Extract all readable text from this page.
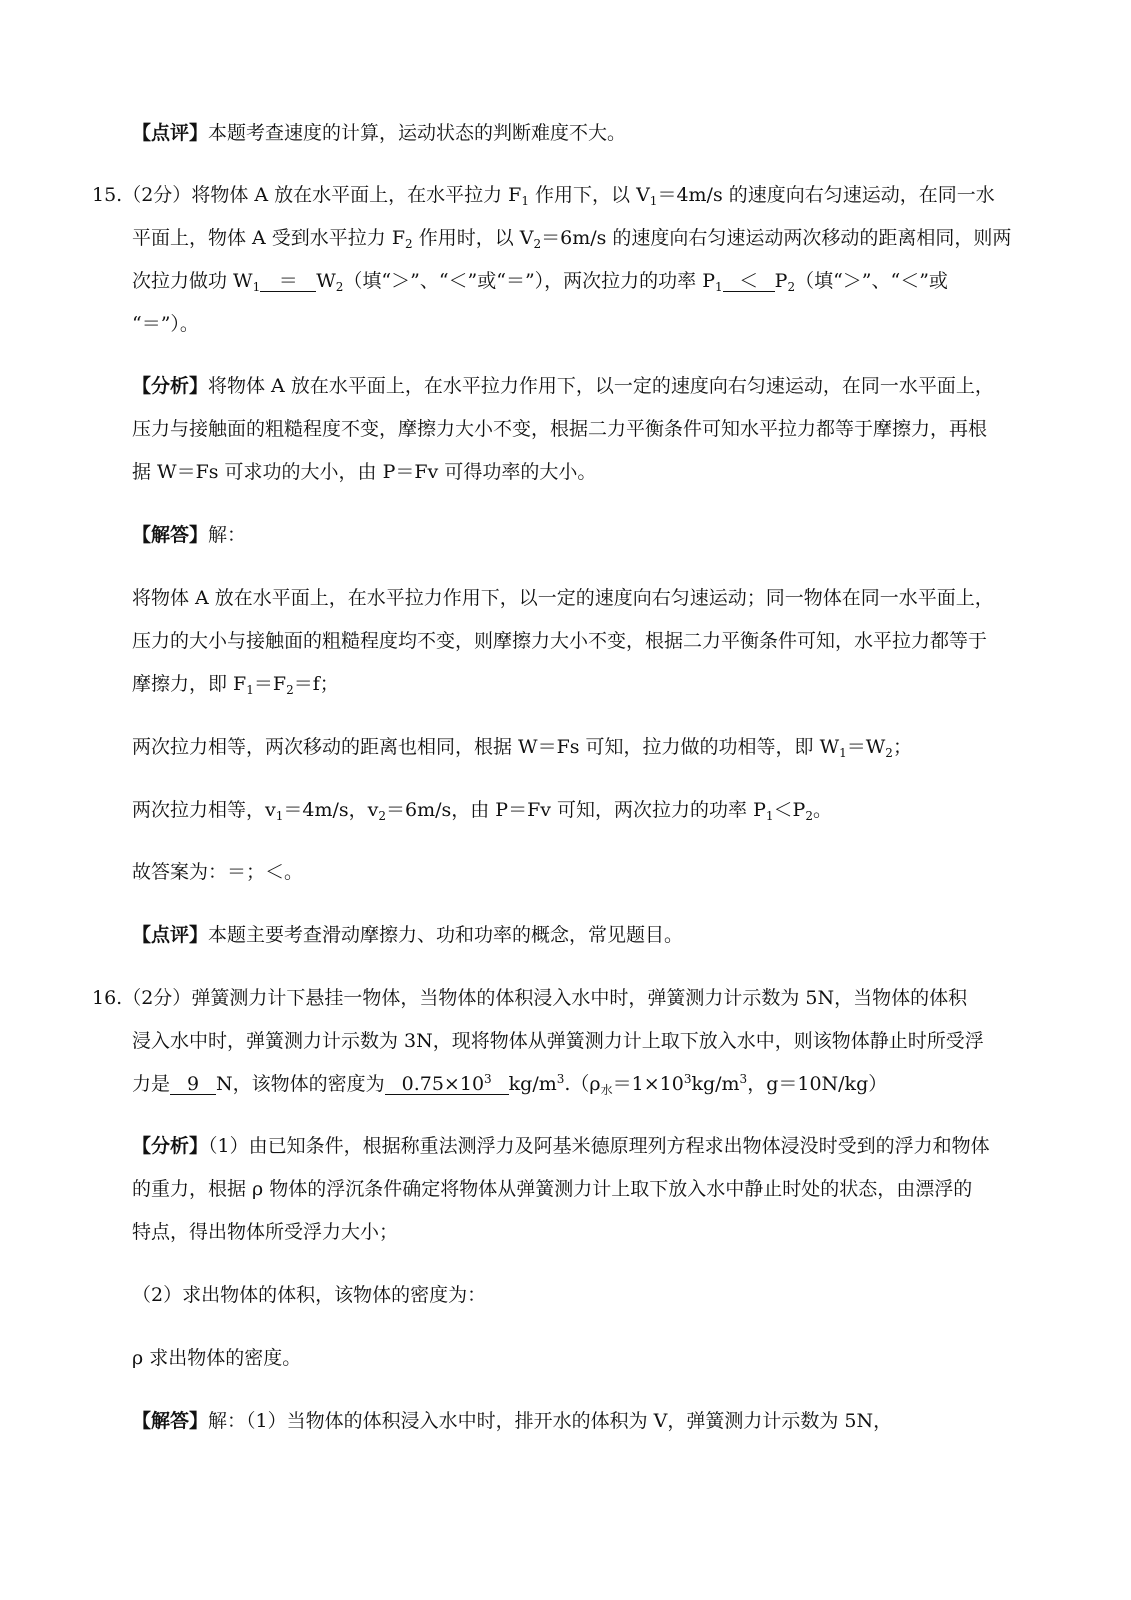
【点评】本题考查速度的计算，运动状态的判断难度不大。
15.（2分）将物体 A 放在水平面上，在水平拉力 $F_1$ 作用下，以 $V_1=4m/s$ 的速度向右匀速运动，在同一水
平面上，物体 A 受到水平拉力 $F_2$ 作用时，以 $V_2=6m/s$ 的速度向右匀速运动两次移动的距离相同，则两
次拉力做功 $W_1 = W_2$（填“＞”、“＜”或“＝”），两次拉力的功率 $P_1 < P_2$（填“＞”、“＜”或
“＝”）。
【分析】将物体 A 放在水平面上，在水平拉力作用下，以一定的速度向右匀速运动，在同一水平面上，
压力与接触面的粗糙程度不变，摩擦力大小不变，根据二力平衡条件可知水平拉力都等于摩擦力，再根
据 W＝Fs 可求功的大小，由 P＝Fv 可得功率的大小。
【解答】解：
将物体 A 放在水平面上，在水平拉力作用下，以一定的速度向右匀速运动；同一物体在同一水平面上，
压力的大小与接触面的粗糙程度均不变，则摩擦力大小不变，根据二力平衡条件可知，水平拉力都等于
摩擦力，即 $F_1=F_2=f$；
两次拉力相等，两次移动的距离也相同，根据 W＝Fs 可知，拉力做的功相等，即 $W_1=W_2$；
两次拉力相等，$v_1=4m/s$，$v_2=6m/s$，由 P＝Fv 可知，两次拉力的功率 $P_1<P_2$。
故答案为：＝；＜。
【点评】本题主要考查滑动摩擦力、功和功率的概念，常见题目。
16.（2分）弹簧测力计下悬挂一物体，当物体的体积浸入水中时，弹簧测力计示数为 5N，当物体的体积
浸入水中时，弹簧测力计示数为 3N，现将物体从弹簧测力计上取下放入水中，则该物体静止时所受浮
力是 9 N，该物体的密度为 $0.75\times 10^3$ $kg/m^3.(\rho_水=1\times 10^3kg/m^3$，g＝10N/kg）
【分析】（1）由已知条件，根据称重法测浮力及阿基米德原理列方程求出物体浸没时受到的浮力和物体
的重力，根据 ρ 物体的浮沉条件确定将物体从弹簧测力计上取下放入水中静止时处的状态，由漂浮的
特点，得出物体所受浮力大小；
（2）求出物体的体积，该物体的密度为：
ρ 求出物体的密度。
【解答】解：（1）当物体的体积浸入水中时，排开水的体积为 V，弹簧测力计示数为 5N，
